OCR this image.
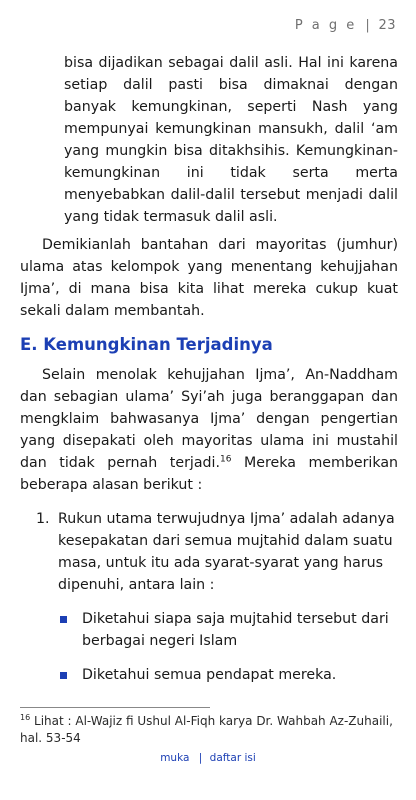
P a g e | 23
bisa dijadikan sebagai dalil asli. Hal ini karena setiap dalil pasti bisa dimaknai dengan banyak kemungkinan, seperti Nash yang mempunyai kemungkinan mansukh, dalil ‘am yang mungkin bisa ditakhsihis. Kemungkinan-kemungkinan ini tidak serta merta menyebabkan dalil-dalil tersebut menjadi dalil yang tidak termasuk dalil asli.
Demikianlah bantahan dari mayoritas (jumhur) ulama atas kelompok yang menentang kehujjahan Ijma’, di mana bisa kita lihat mereka cukup kuat sekali dalam membantah.
E. Kemungkinan Terjadinya
Selain menolak kehujjahan Ijma’, An-Naddham dan sebagian ulama’ Syi’ah juga beranggapan dan mengklaim bahwasanya Ijma’ dengan pengertian yang disepakati oleh mayoritas ulama ini mustahil dan tidak pernah terjadi.$^{16}$ Mereka memberikan beberapa alasan berikut :
1. Rukun utama terwujudnya Ijma’ adalah adanya kesepakatan dari semua mujtahid dalam suatu masa, untuk itu ada syarat-syarat yang harus dipenuhi, antara lain :
Diketahui siapa saja mujtahid tersebut dari berbagai negeri Islam
Diketahui semua pendapat mereka.
$^{16}$ Lihat : Al-Wajiz fi Ushul Al-Fiqh karya Dr. Wahbah Az-Zuhaili, hal. 53-54
muka | daftar isi
